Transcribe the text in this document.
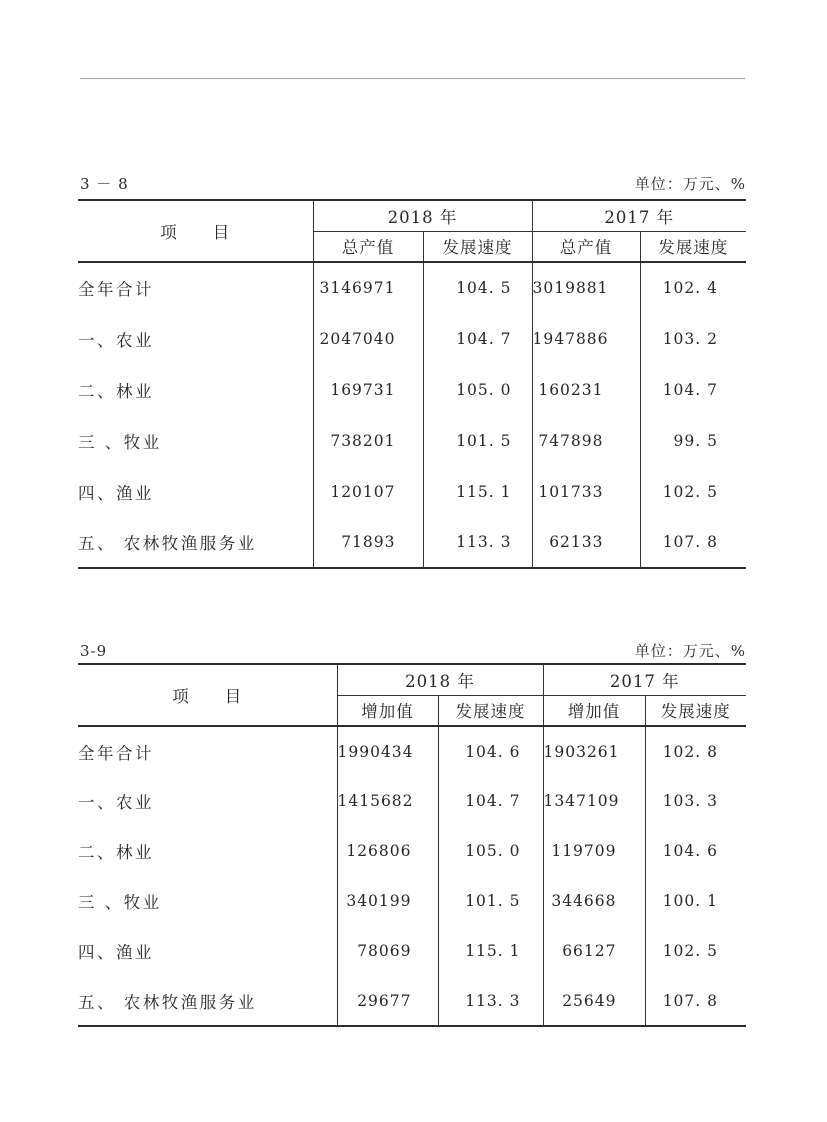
3 － 8	单位：万元、%
项　　目	2018 年		2017 年	
	总产值	发展速度	总产值	发展速度
全年合计	3146971	104. 5	3019881	102. 4
一、农业	2047040	104. 7	1947886	103. 2
二、林业	169731	105. 0	160231	104. 7
三 、牧业	738201	101. 5	747898	99. 5
四、渔业	120107	115. 1	101733	102. 5
五、 农林牧渔服务业	71893	113. 3	62133	107. 8
3-9	单位：万元、%
项　　目	2018 年		2017 年	
	增加值	发展速度	增加值	发展速度
全年合计	1990434	104. 6	1903261	102. 8
一、农业	1415682	104. 7	1347109	103. 3
二、林业	126806	105. 0	119709	104. 6
三 、牧业	340199	101. 5	344668	100. 1
四、渔业	78069	115. 1	66127	102. 5
五、 农林牧渔服务业	29677	113. 3	25649	107. 8
